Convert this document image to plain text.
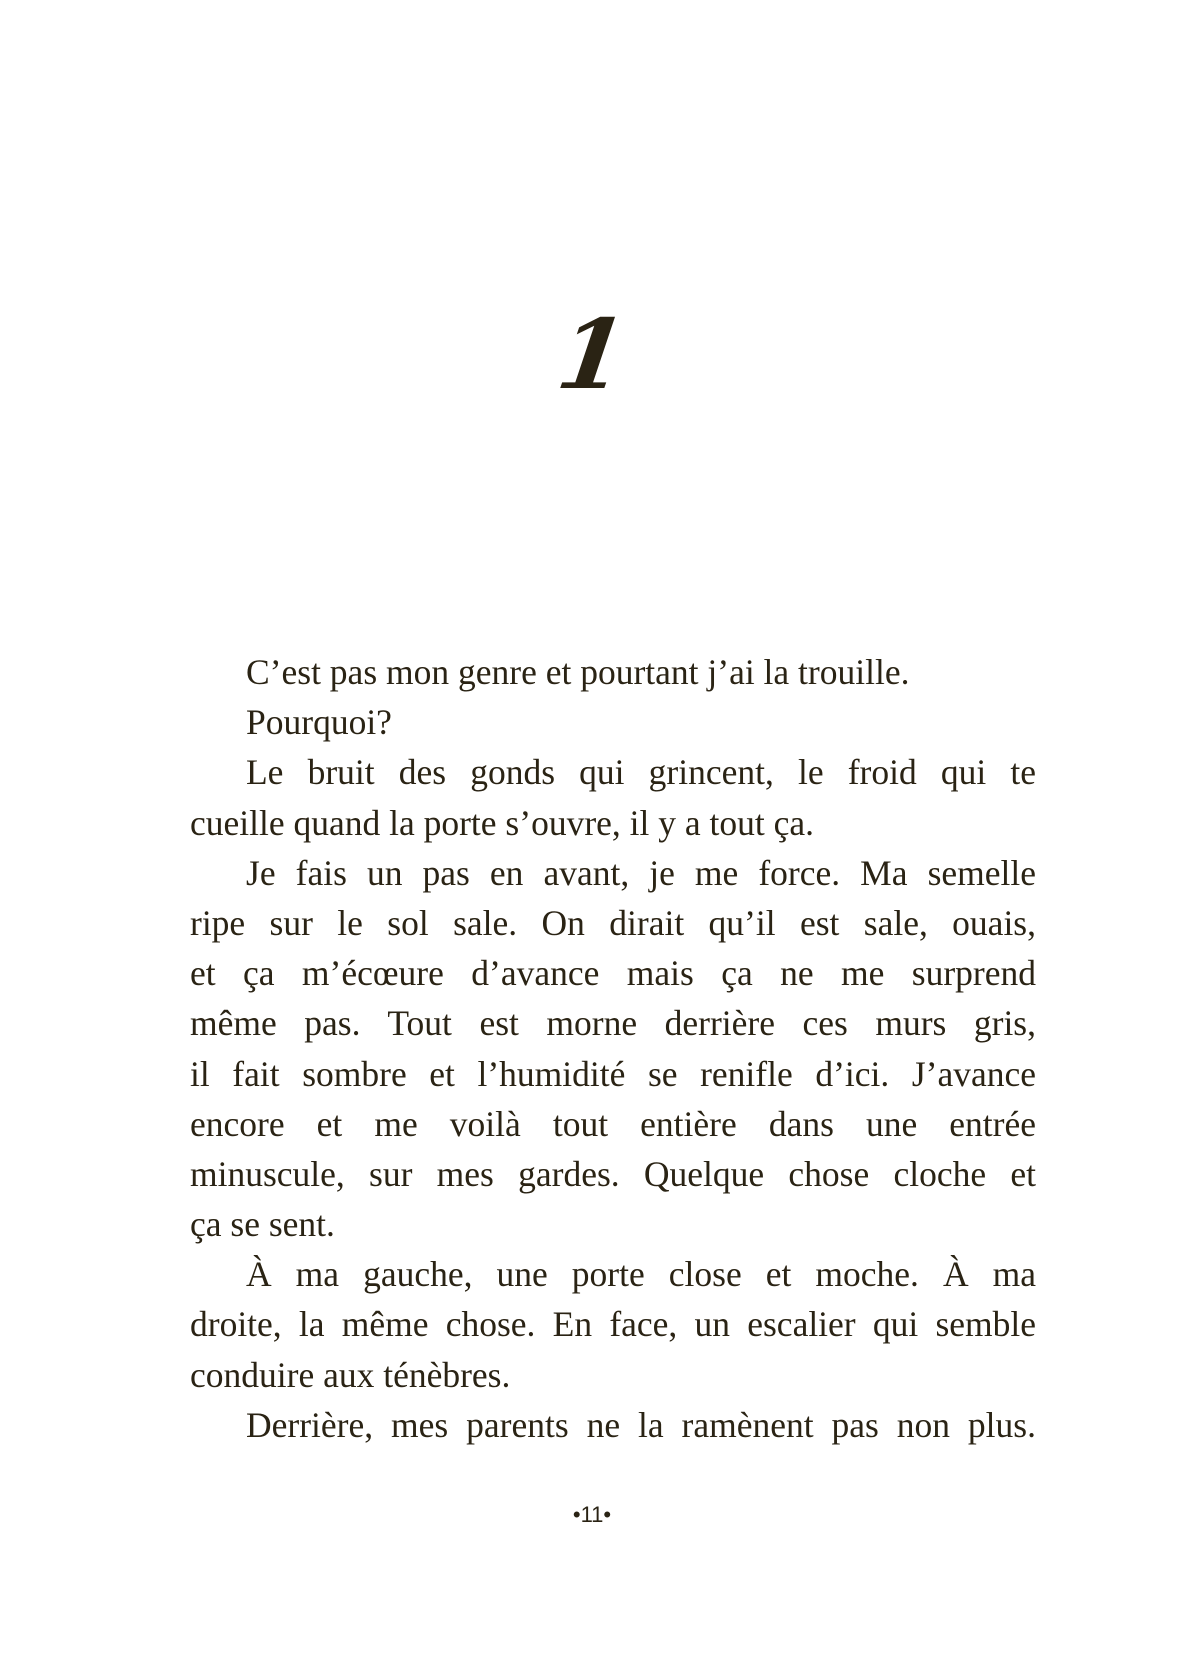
1
C’est pas mon genre et pourtant j’ai la trouille.
Pourquoi?
Le bruit des gonds qui grincent, le froid qui te
cueille quand la porte s’ouvre, il y a tout ça.
Je fais un pas en avant, je me force. Ma semelle
ripe sur le sol sale. On dirait qu’il est sale, ouais,
et ça m’écœure d’avance mais ça ne me surprend
même pas. Tout est morne derrière ces murs gris,
il fait sombre et l’humidité se renifle d’ici. J’avance
encore et me voilà tout entière dans une entrée
minuscule, sur mes gardes. Quelque chose cloche et
ça se sent.
À ma gauche, une porte close et moche. À ma
droite, la même chose. En face, un escalier qui semble
conduire aux ténèbres.
Derrière, mes parents ne la ramènent pas non plus.
•11•
